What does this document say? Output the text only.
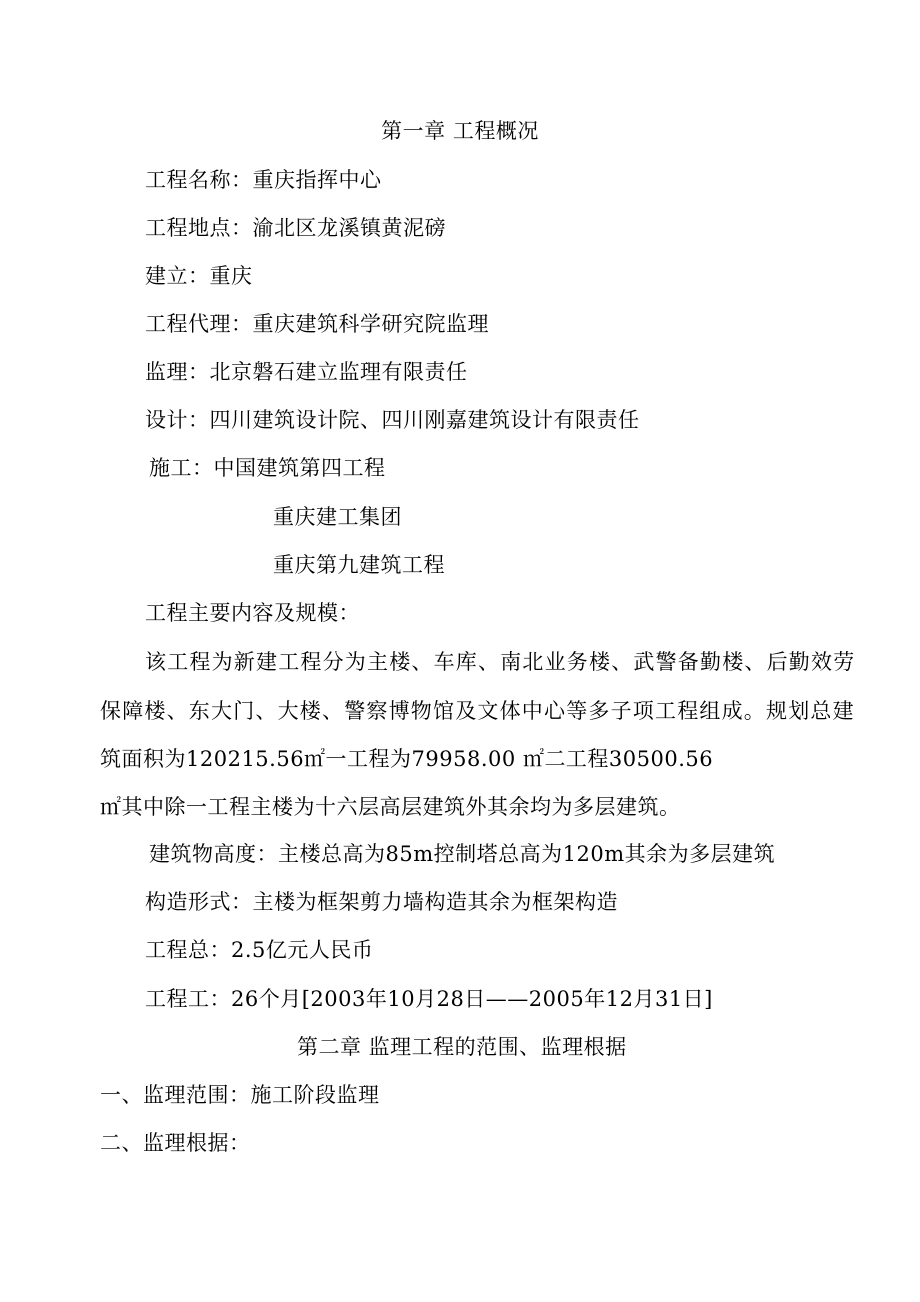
第一章 工程概况
工程名称：重庆指挥中心
工程地点：渝北区龙溪镇黄泥磅
建立：重庆
工程代理：重庆建筑科学研究院监理
监理：北京磐石建立监理有限责任
设计：四川建筑设计院、四川刚嘉建筑设计有限责任
施工：中国建筑第四工程
重庆建工集团
重庆第九建筑工程
工程主要内容及规模：
该工程为新建工程分为主楼、车库、南北业务楼、武警备勤楼、后勤效劳
保障楼、东大门、大楼、警察博物馆及文体中心等多子项工程组成。规划总建
筑面积为120215.56㎡一工程为79958.00 ㎡二工程30500.56
㎡其中除一工程主楼为十六层高层建筑外其余均为多层建筑。
建筑物高度：主楼总高为85m控制塔总高为120m其余为多层建筑
构造形式：主楼为框架剪力墙构造其余为框架构造
工程总：2.5亿元人民币
工程工：26个月[2003年10月28日——2005年12月31日]
第二章 监理工程的范围、监理根据
一、监理范围：施工阶段监理
二、监理根据：
